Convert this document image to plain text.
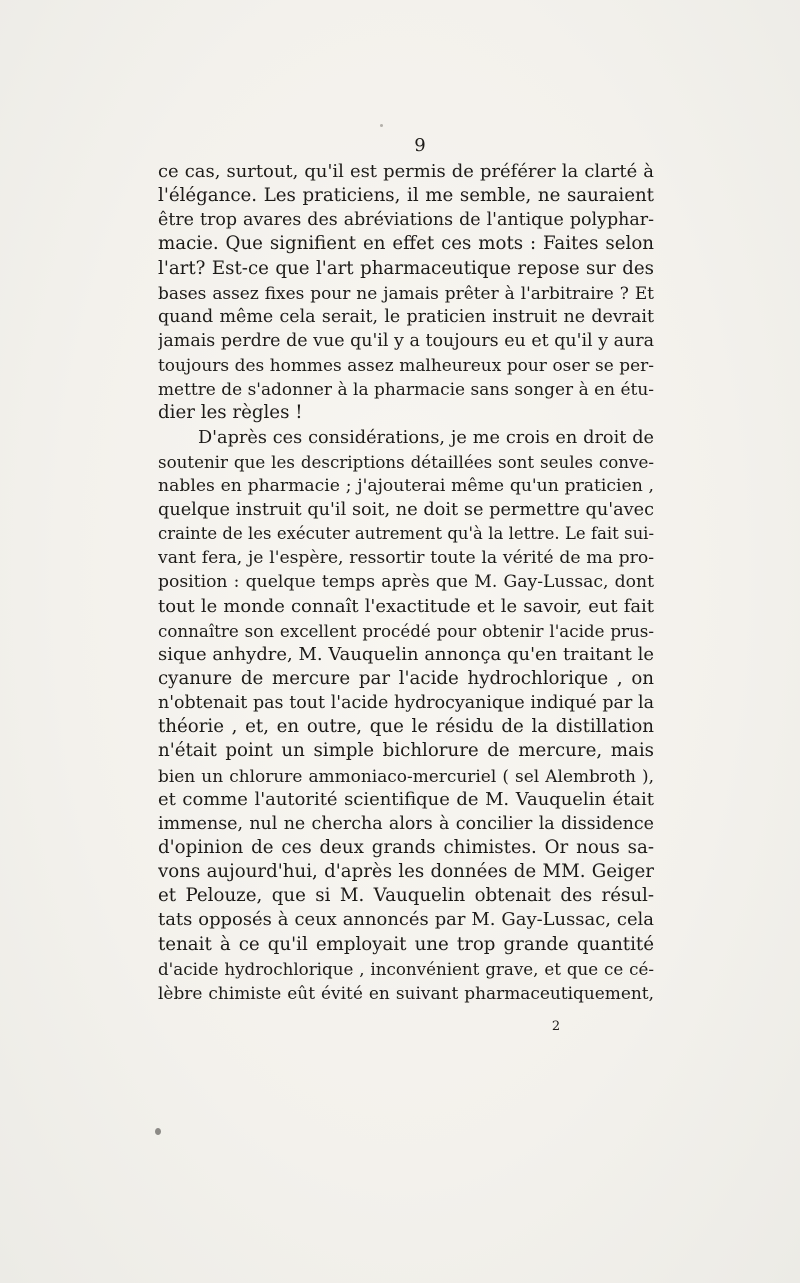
9
ce cas, surtout, qu'il est permis de préférer la clarté à
l'élégance. Les praticiens, il me semble, ne sauraient
être trop avares des abréviations de l'antique polyphar-
macie. Que signifient en effet ces mots : Faites selon
l'art? Est-ce que l'art pharmaceutique repose sur des
bases assez fixes pour ne jamais prêter à l'arbitraire ? Et
quand même cela serait, le praticien instruit ne devrait
jamais perdre de vue qu'il y a toujours eu et qu'il y aura
toujours des hommes assez malheureux pour oser se per-
mettre de s'adonner à la pharmacie sans songer à en étu-
dier les règles !
D'après ces considérations, je me crois en droit de
soutenir que les descriptions détaillées sont seules conve-
nables en pharmacie ; j'ajouterai même qu'un praticien ,
quelque instruit qu'il soit, ne doit se permettre qu'avec
crainte de les exécuter autrement qu'à la lettre. Le fait sui-
vant fera, je l'espère, ressortir toute la vérité de ma pro-
position : quelque temps après que M. Gay-Lussac, dont
tout le monde connaît l'exactitude et le savoir, eut fait
connaître son excellent procédé pour obtenir l'acide prus-
sique anhydre, M. Vauquelin annonça qu'en traitant le
cyanure de mercure par l'acide hydrochlorique , on
n'obtenait pas tout l'acide hydrocyanique indiqué par la
théorie , et, en outre, que le résidu de la distillation
n'était point un simple bichlorure de mercure, mais
bien un chlorure ammoniaco-mercuriel ( sel Alembroth ),
et comme l'autorité scientifique de M. Vauquelin était
immense, nul ne chercha alors à concilier la dissidence
d'opinion de ces deux grands chimistes. Or nous sa-
vons aujourd'hui, d'après les données de MM. Geiger
et Pelouze, que si M. Vauquelin obtenait des résul-
tats opposés à ceux annoncés par M. Gay-Lussac, cela
tenait à ce qu'il employait une trop grande quantité
d'acide hydrochlorique , inconvénient grave, et que ce cé-
lèbre chimiste eût évité en suivant pharmaceutiquement,
2
